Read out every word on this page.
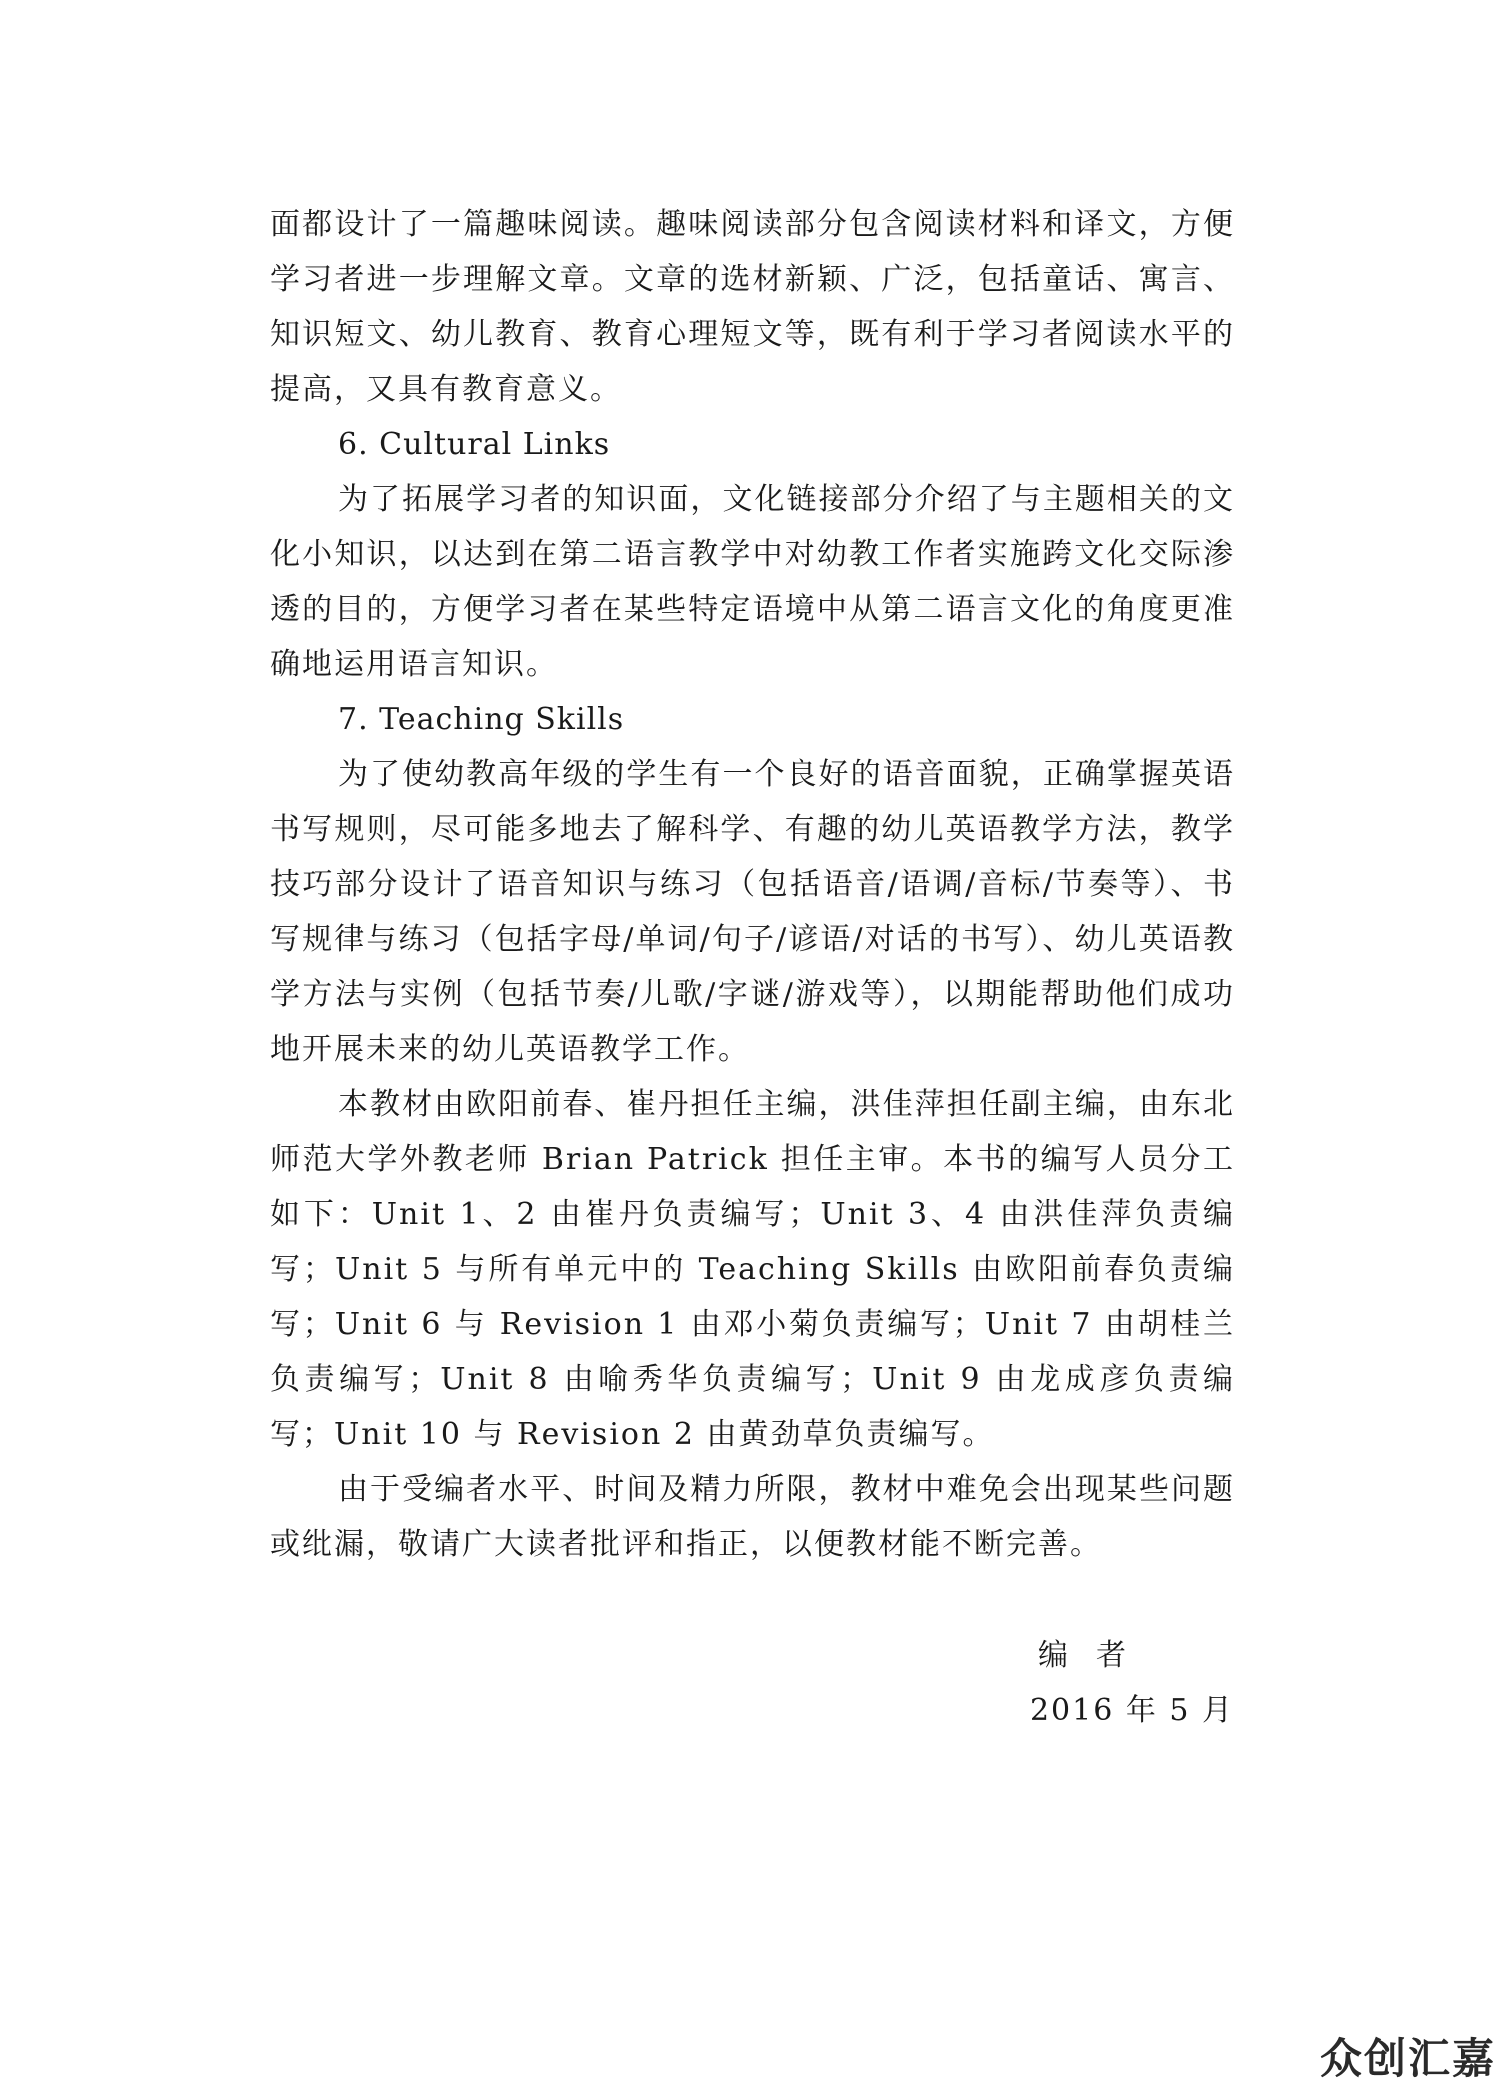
面都设计了一篇趣味阅读。趣味阅读部分包含阅读材料和译文，方便学习者进一步理解文章。文章的选材新颖、广泛，包括童话、寓言、知识短文、幼儿教育、教育心理短文等，既有利于学习者阅读水平的提高，又具有教育意义。

6. Cultural Links

为了拓展学习者的知识面，文化链接部分介绍了与主题相关的文化小知识，以达到在第二语言教学中对幼教工作者实施跨文化交际渗透的目的，方便学习者在某些特定语境中从第二语言文化的角度更准确地运用语言知识。

7. Teaching Skills

为了使幼教高年级的学生有一个良好的语音面貌，正确掌握英语书写规则，尽可能多地去了解科学、有趣的幼儿英语教学方法，教学技巧部分设计了语音知识与练习（包括语音/语调/音标/节奏等）、书写规律与练习（包括字母/单词/句子/谚语/对话的书写）、幼儿英语教学方法与实例（包括节奏/儿歌/字谜/游戏等），以期能帮助他们成功地开展未来的幼儿英语教学工作。

本教材由欧阳前春、崔丹担任主编，洪佳萍担任副主编，由东北师范大学外教老师 Brian Patrick 担任主审。本书的编写人员分工如下：Unit 1、2 由崔丹负责编写；Unit 3、4 由洪佳萍负责编写；Unit 5 与所有单元中的 Teaching Skills 由欧阳前春负责编写；Unit 6 与 Revision 1 由邓小菊负责编写；Unit 7 由胡桂兰负责编写；Unit 8 由喻秀华负责编写；Unit 9 由龙成彦负责编写；Unit 10 与 Revision 2 由黄劲草负责编写。

由于受编者水平、时间及精力所限，教材中难免会出现某些问题或纰漏，敬请广大读者批评和指正，以便教材能不断完善。

编者
2016 年 5 月
众创汇嘉
